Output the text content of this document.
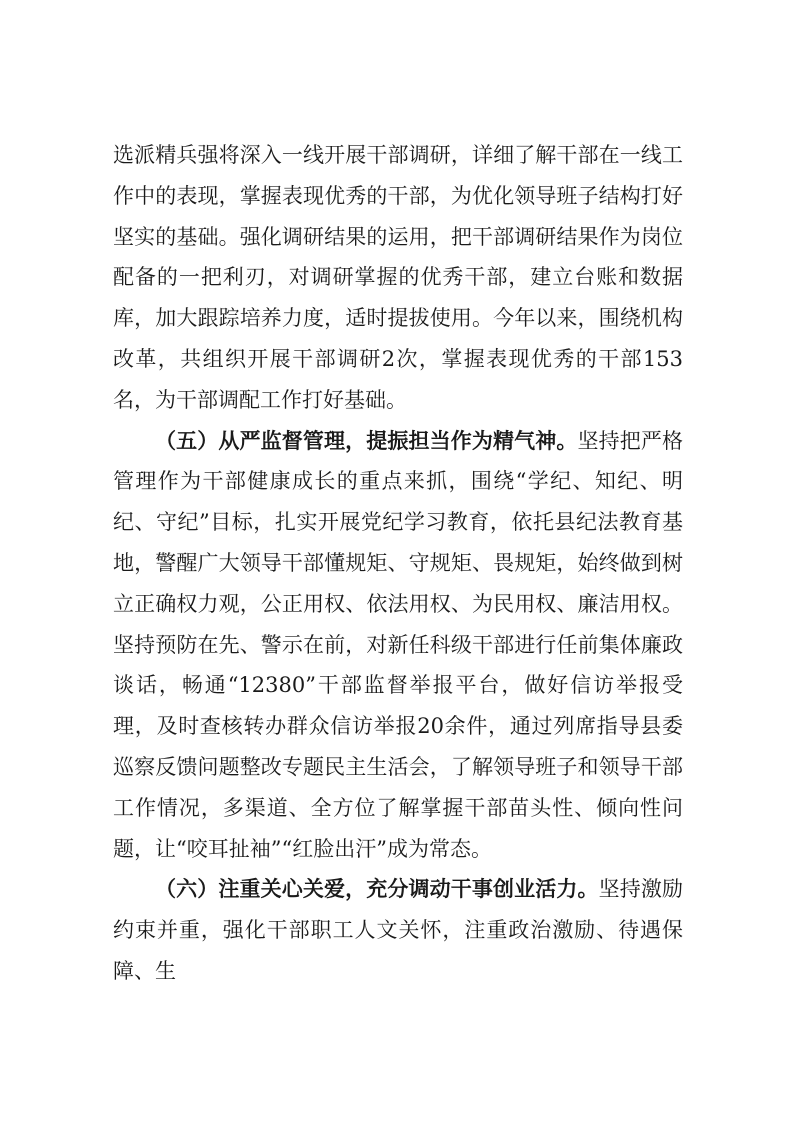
选派精兵强将深入一线开展干部调研，详细了解干部在一线工作中的表现，掌握表现优秀的干部，为优化领导班子结构打好坚实的基础。强化调研结果的运用，把干部调研结果作为岗位配备的一把利刃，对调研掌握的优秀干部，建立台账和数据库，加大跟踪培养力度，适时提拔使用。今年以来，围绕机构改革，共组织开展干部调研2次，掌握表现优秀的干部153名，为干部调配工作打好基础。

（五）从严监督管理，提振担当作为精气神。坚持把严格管理作为干部健康成长的重点来抓，围绕“学纪、知纪、明纪、守纪”目标，扎实开展党纪学习教育，依托县纪法教育基地，警醒广大领导干部懂规矩、守规矩、畏规矩，始终做到树立正确权力观，公正用权、依法用权、为民用权、廉洁用权。坚持预防在先、警示在前，对新任科级干部进行任前集体廉政谈话，畅通“12380”干部监督举报平台，做好信访举报受理，及时查核转办群众信访举报20余件，通过列席指导县委巡察反馈问题整改专题民主生活会，了解领导班子和领导干部工作情况，多渠道、全方位了解掌握干部苗头性、倾向性问题，让“咬耳扯袖”“红脸出汗”成为常态。

（六）注重关心关爱，充分调动干事创业活力。坚持激励约束并重，强化干部职工人文关怀，注重政治激励、待遇保障、生
